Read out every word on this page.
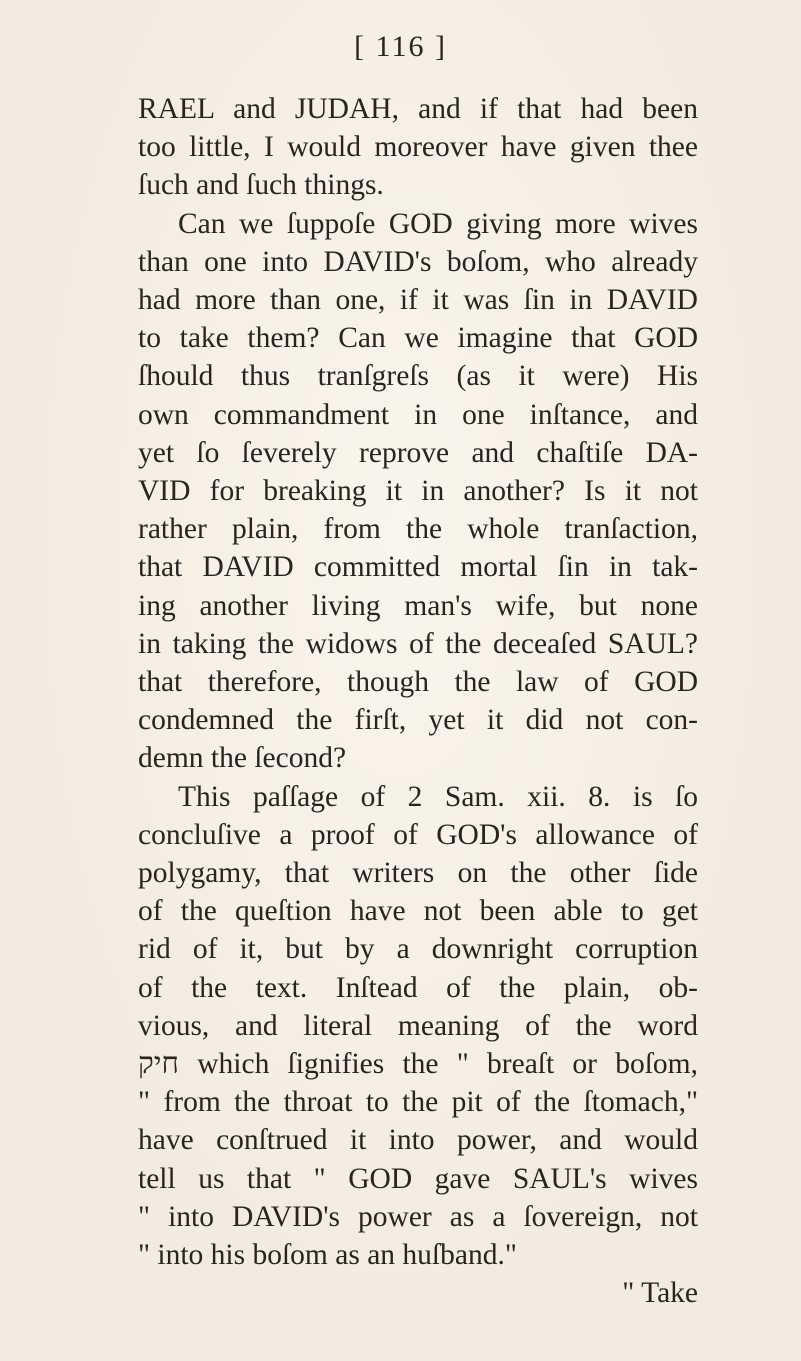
[ 116 ]
RAEL and JUDAH, and if that had been
too little, I would moreover have given thee
ſuch and ſuch things.
Can we ſuppoſe GOD giving more wives
than one into DAVID's boſom, who already
had more than one, if it was ſin in DAVID
to take them? Can we imagine that GOD
ſhould thus tranſgreſs (as it were) His
own commandment in one inſtance, and
yet ſo ſeverely reprove and chaſtiſe DA-
VID for breaking it in another? Is it not
rather plain, from the whole tranſaction,
that DAVID committed mortal ſin in tak-
ing another living man's wife, but none
in taking the widows of the deceaſed SAUL?
that therefore, though the law of GOD
condemned the firſt, yet it did not con-
demn the ſecond?
This paſſage of 2 Sam. xii. 8. is ſo
concluſive a proof of GOD's allowance of
polygamy, that writers on the other ſide
of the queſtion have not been able to get
rid of it, but by a downright corruption
of the text. Inſtead of the plain, ob-
vious, and literal meaning of the word
חיק which ſignifies the " breaſt or boſom,
" from the throat to the pit of the ſtomach,"
have conſtrued it into power, and would
tell us that " GOD gave SAUL's wives
" into DAVID's power as a ſovereign, not
" into his boſom as an huſband."
" Take
